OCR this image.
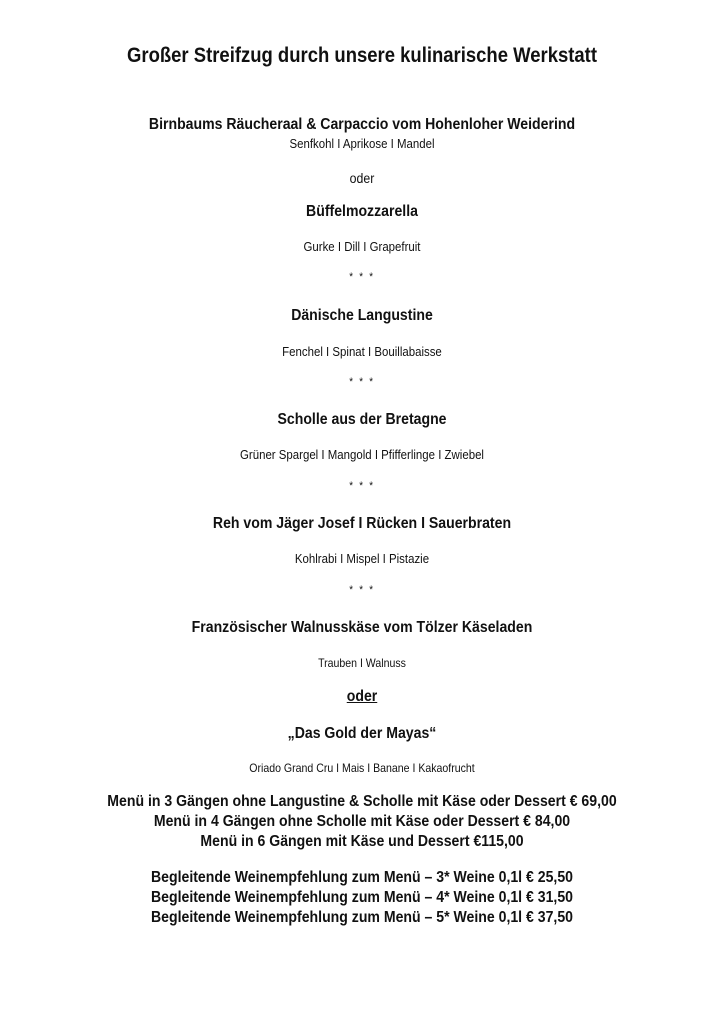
Großer Streifzug durch unsere kulinarische Werkstatt
Birnbaums Räucheraal & Carpaccio vom Hohenloher Weiderind
Senfkohl I Aprikose I Mandel
oder
Büffelmozzarella
Gurke I Dill I Grapefruit
* * *
Dänische Langustine
Fenchel I Spinat I Bouillabaisse
* * *
Scholle aus der Bretagne
Grüner Spargel I Mangold I Pfifferlinge I Zwiebel
* * *
Reh vom Jäger Josef I Rücken I Sauerbraten
Kohlrabi I Mispel I Pistazie
* * *
Französischer Walnusskäse vom Tölzer Käseladen
Trauben I Walnuss
oder
„Das Gold der Mayas“
Oriado Grand Cru I Mais I Banane I Kakaofrucht
Menü in 3 Gängen ohne Langustine & Scholle mit Käse oder Dessert € 69,00
Menü in 4 Gängen ohne Scholle mit Käse oder Dessert € 84,00
Menü in 6 Gängen mit Käse und Dessert €115,00
Begleitende Weinempfehlung zum Menü – 3* Weine 0,1l € 25,50
Begleitende Weinempfehlung zum Menü – 4* Weine 0,1l € 31,50
Begleitende Weinempfehlung zum Menü – 5* Weine 0,1l € 37,50
